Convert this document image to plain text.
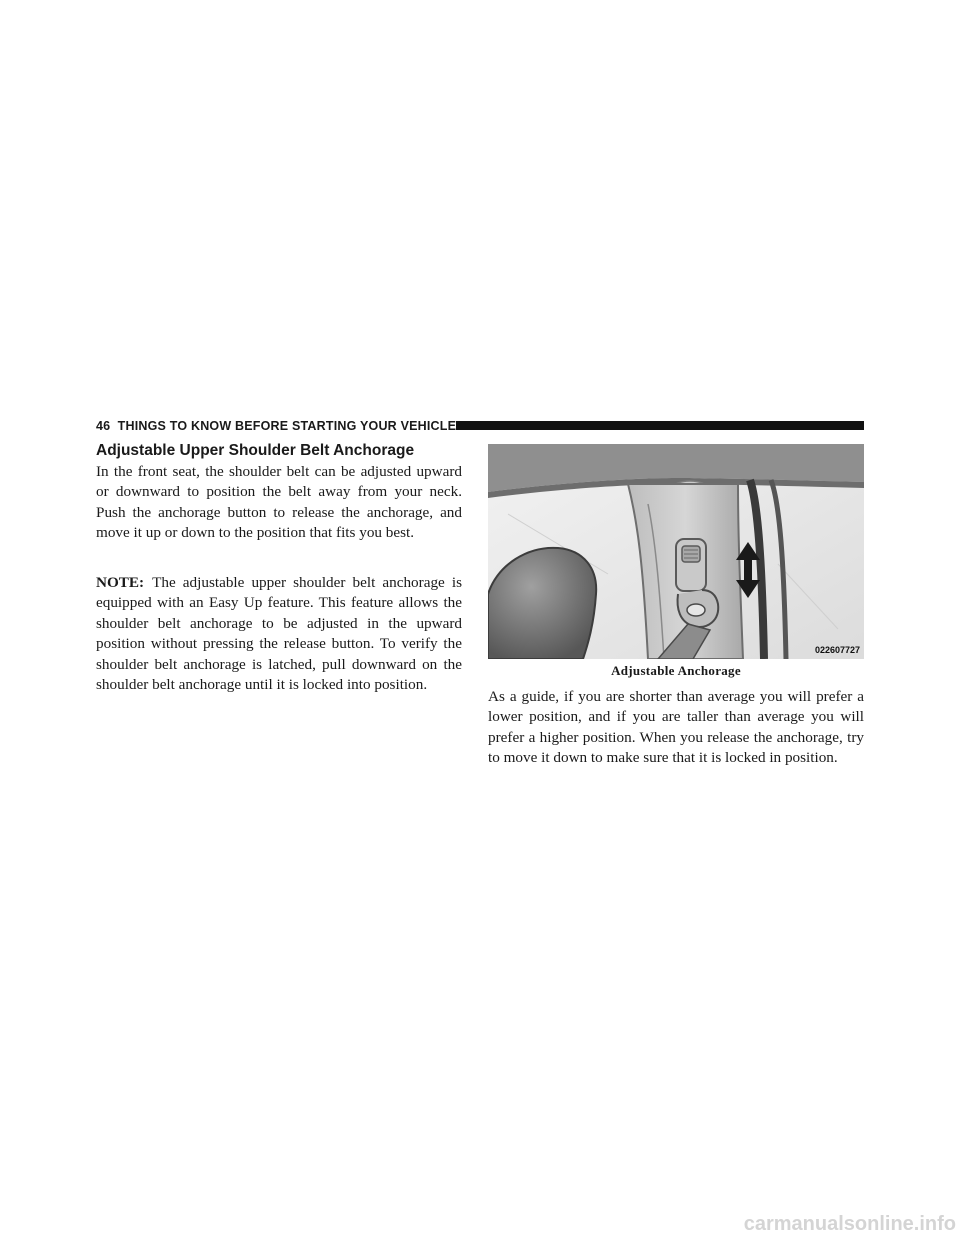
46 THINGS TO KNOW BEFORE STARTING YOUR VEHICLE
Adjustable Upper Shoulder Belt Anchorage

In the front seat, the shoulder belt can be adjusted upward or downward to position the belt away from your neck. Push the anchorage button to release the anchorage, and move it up or down to the position that fits you best.

NOTE: The adjustable upper shoulder belt anchorage is equipped with an Easy Up feature. This feature allows the shoulder belt anchorage to be adjusted in the upward position without pressing the release button. To verify the shoulder belt anchorage is latched, pull downward on the shoulder belt anchorage until it is locked into position.

022607727
Adjustable Anchorage

As a guide, if you are shorter than average you will prefer a lower position, and if you are taller than average you will prefer a higher position. When you release the anchorage, try to move it down to make sure that it is locked in position.

carmanualsonline.info
